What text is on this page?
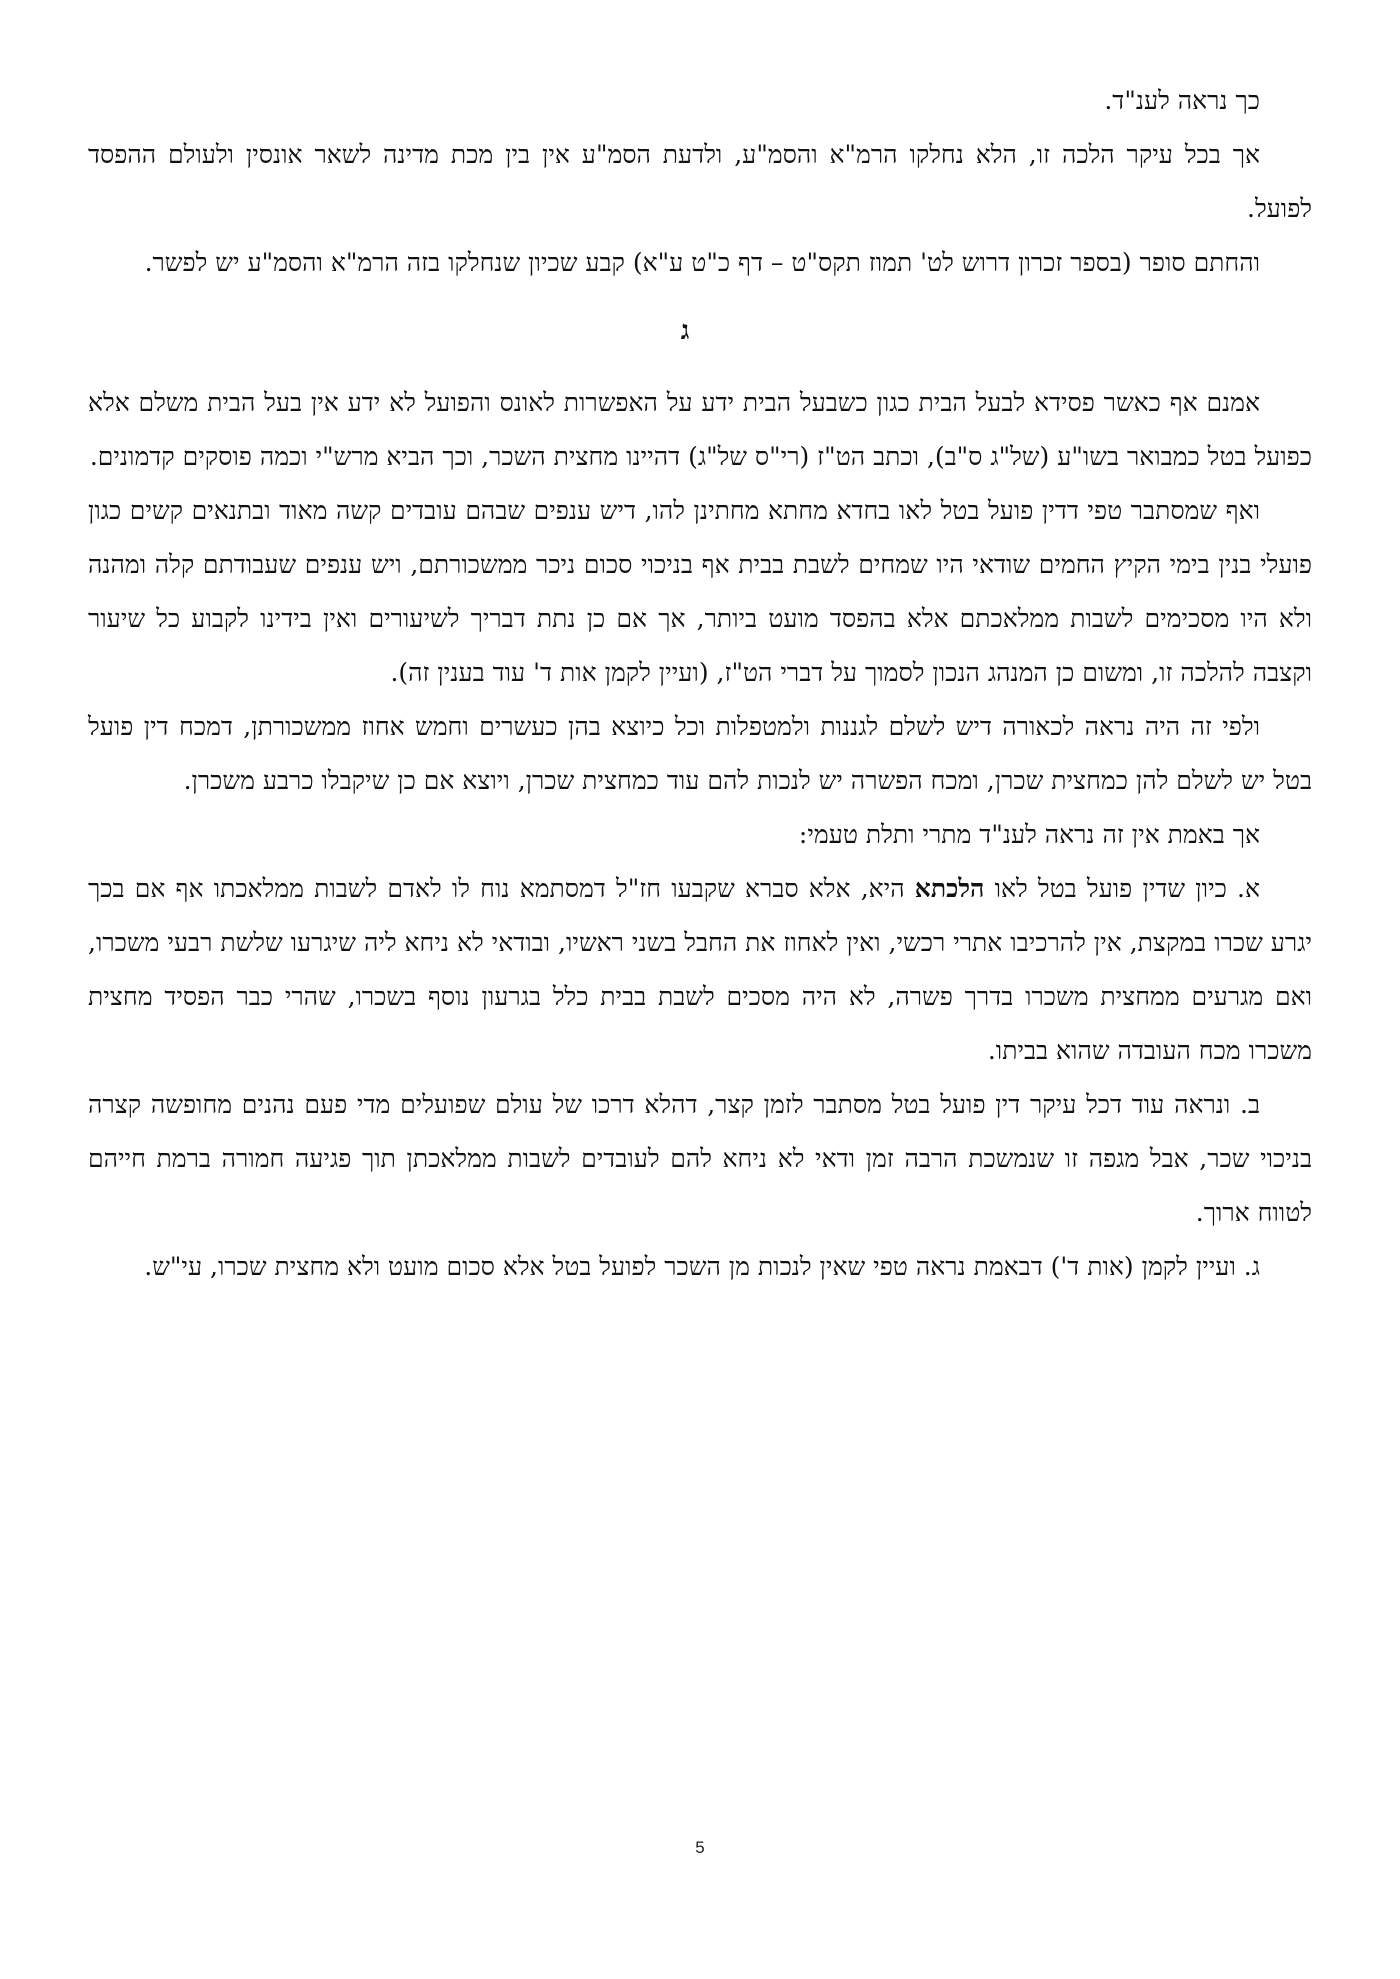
כך נראה לענ"ד.

אך בכל עיקר הלכה זו, הלא נחלקו הרמ"א והסמ"ע, ולדעת הסמ"ע אין בין מכת מדינה לשאר אונסין ולעולם ההפסד לפועל.

והחתם סופר (בספר זכרון דרוש לט' תמוז תקס"ט – דף כ"ט ע"א) קבע שכיון שנחלקו בזה הרמ"א והסמ"ע יש לפשר.

ג

אמנם אף כאשר פסידא לבעל הבית כגון כשבעל הבית ידע על האפשרות לאונס והפועל לא ידע אין בעל הבית משלם אלא כפועל בטל כמבואר בשו"ע (של"ג ס"ב), וכתב הט"ז (רי"ס של"ג) דהיינו מחצית השכר, וכך הביא מרש"י וכמה פוסקים קדמונים.

ואף שמסתבר טפי דדין פועל בטל לאו בחדא מחתא מחתינן להו, דיש ענפים שבהם עובדים קשה מאוד ובתנאים קשים כגון פועלי בנין בימי הקיץ החמים שודאי היו שמחים לשבת בבית אף בניכוי סכום ניכר ממשכורתם, ויש ענפים שעבודתם קלה ומהנה ולא היו מסכימים לשבות ממלאכתם אלא בהפסד מועט ביותר, אך אם כן נתת דבריך לשיעורים ואין בידינו לקבוע כל שיעור וקצבה להלכה זו, ומשום כן המנהג הנכון לסמוך על דברי הט"ז, (ועיין לקמן אות ד' עוד בענין זה).

ולפי זה היה נראה לכאורה דיש לשלם לגננות ולמטפלות וכל כיוצא בהן כעשרים וחמש אחוז ממשכורתן, דמכח דין פועל בטל יש לשלם להן כמחצית שכרן, ומכח הפשרה יש לנכות להם עוד כמחצית שכרן, ויוצא אם כן שיקבלו כרבע משכרן.

אך באמת אין זה נראה לענ"ד מתרי ותלת טעמי:

א. כיון שדין פועל בטל לאו הלכתא היא, אלא סברא שקבעו חז"ל דמסתמא נוח לו לאדם לשבות ממלאכתו אף אם בכך יגרע שכרו במקצת, אין להרכיבו אתרי רכשי, ואין לאחוז את החבל בשני ראשיו, ובודאי לא ניחא ליה שיגרעו שלשת רבעי משכרו, ואם מגרעים ממחצית משכרו בדרך פשרה, לא היה מסכים לשבת בבית כלל בגרעון נוסף בשכרו, שהרי כבר הפסיד מחצית משכרו מכח העובדה שהוא בביתו.

ב. ונראה עוד דכל עיקר דין פועל בטל מסתבר לזמן קצר, דהלא דרכו של עולם שפועלים מדי פעם נהנים מחופשה קצרה בניכוי שכר, אבל מגפה זו שנמשכת הרבה זמן ודאי לא ניחא להם לעובדים לשבות ממלאכתן תוך פגיעה חמורה ברמת חייהם לטווח ארוך.

ג. ועיין לקמן (אות ד') דבאמת נראה טפי שאין לנכות מן השכר לפועל בטל אלא סכום מועט ולא מחצית שכרו, עי"ש.

5
